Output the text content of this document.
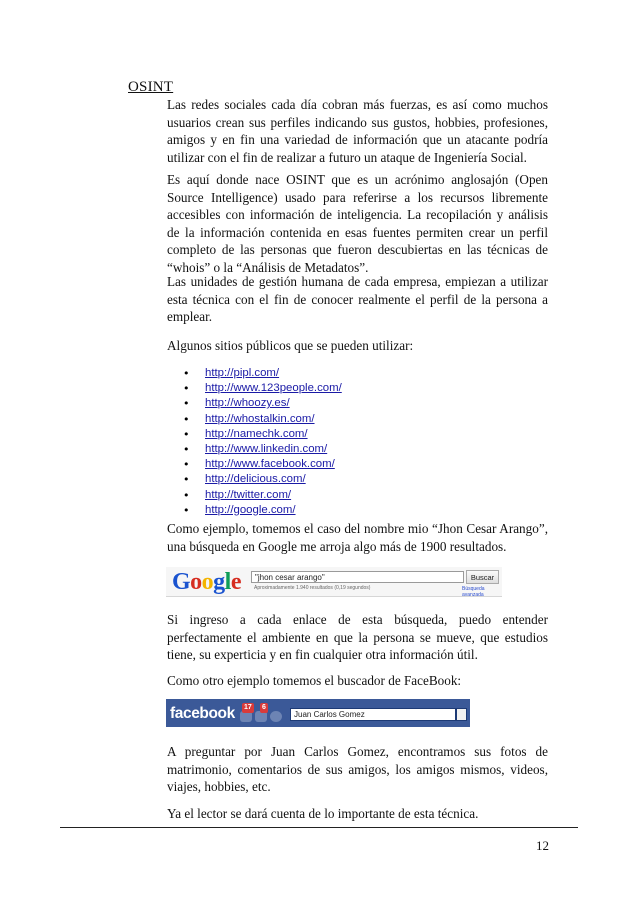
OSINT
Las redes sociales cada día cobran más fuerzas, es así como muchos usuarios crean sus perfiles indicando sus gustos, hobbies, profesiones, amigos y en fin una variedad de información que un atacante podría utilizar con el fin de realizar a futuro un ataque de Ingeniería Social.
Es aquí donde nace OSINT que es un acrónimo anglosajón (Open Source Intelligence) usado para referirse a los recursos libremente accesibles con información de inteligencia. La recopilación y análisis de la información contenida en esas fuentes permiten crear un perfil completo de las personas que fueron descubiertas en las técnicas de “whois” o la “Análisis de Metadatos”.
Las unidades de gestión humana de cada empresa, empiezan a utilizar esta técnica con el fin de conocer realmente el perfil de la persona a emplear.
Algunos sitios públicos que se pueden utilizar:
• http://pipl.com/
• http://www.123people.com/
• http://whoozy.es/
• http://whostalkin.com/
• http://namechk.com/
• http://www.linkedin.com/
• http://www.facebook.com/
• http://delicious.com/
• http://twitter.com/
• http://google.com/
Como ejemplo, tomemos el caso del nombre mio “Jhon Cesar Arango”, una búsqueda en Google me arroja algo más de 1900 resultados.
Google	"jhon cesar arango"	Buscar
Aproximadamente 1.940 resultados (0,19 segundos)	Búsqueda avanzada
Si ingreso a cada enlace de esta búsqueda, puedo entender perfectamente el ambiente en que la persona se mueve, que estudios tiene, su experticia y en fin cualquier otra información útil.
Como otro ejemplo tomemos el buscador de FaceBook:
facebook 17 6
Juan Carlos Gomez
A preguntar por Juan Carlos Gomez, encontramos sus fotos de matrimonio, comentarios de sus amigos, los amigos mismos, videos, viajes, hobbies, etc.
Ya el lector se dará cuenta de lo importante de esta técnica.
12
